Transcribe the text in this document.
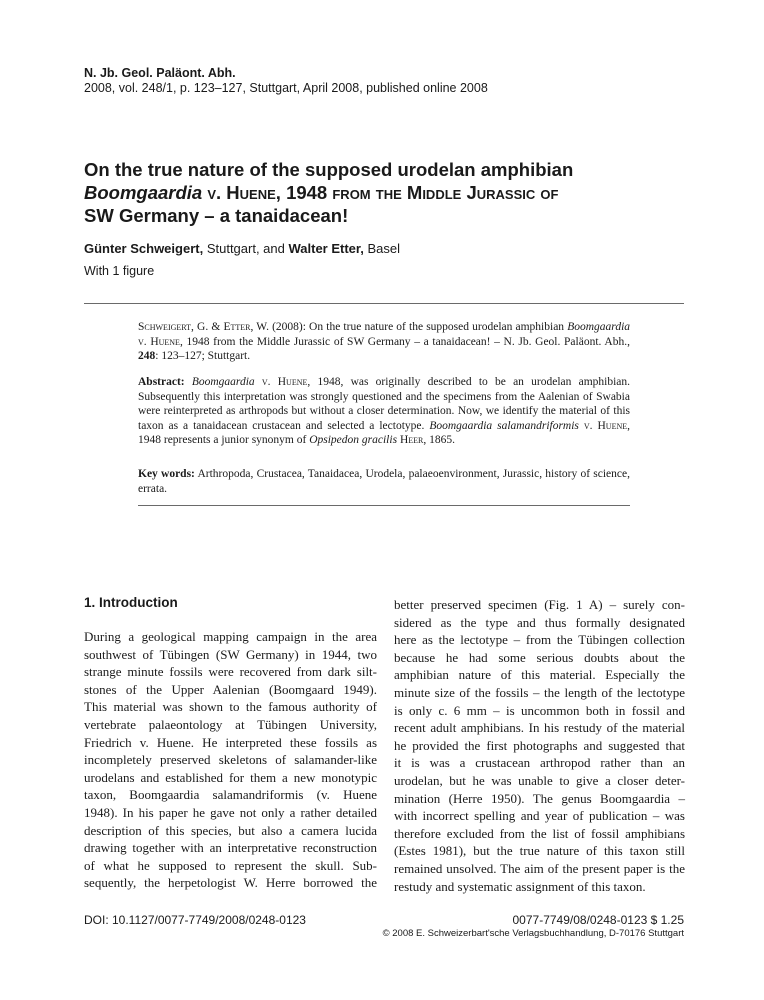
N. Jb. Geol. Paläont. Abh.
2008, vol. 248/1, p. 123–127, Stuttgart, April 2008, published online 2008
On the true nature of the supposed urodelan amphibian
Boomgaardia v. Huene, 1948 from the Middle Jurassic of
SW Germany – a tanaidacean!
Günter Schweigert, Stuttgart, and Walter Etter, Basel
With 1 figure
Schweigert, G. & Etter, W. (2008): On the true nature of the supposed urodelan amphibian Boomgaardia v. Huene, 1948 from the Middle Jurassic of SW Germany – a tanaidacean! – N. Jb. Geol. Paläont. Abh., 248: 123–127; Stuttgart.
Abstract: Boomgaardia v. Huene, 1948, was originally described to be an urodelan amphibian. Subsequently this interpretation was strongly questioned and the specimens from the Aalenian of Swabia were reinterpreted as arthropods but without a closer determination. Now, we identify the material of this taxon as a tanaidacean crustacean and selected a lectotype. Boomgaardia salamandriformis v. Huene, 1948 represents a junior synonym of Opsipedon gracilis Heer, 1865.
Key words: Arthropoda, Crustacea, Tanaidacea, Urodela, palaeoenvironment, Jurassic, history of science, errata.
1. Introduction
During a geological mapping campaign in the area
southwest of Tübingen (SW Germany) in 1944, two
strange minute fossils were recovered from dark silt-
stones of the Upper Aalenian (Boomgaard 1949).
This material was shown to the famous authority of
vertebrate palaeontology at Tübingen University,
Friedrich v. Huene. He interpreted these fossils as
incompletely preserved skeletons of salamander-like
urodelans and established for them a new monotypic
taxon, Boomgaardia salamandriformis (v. Huene
1948). In his paper he gave not only a rather detailed
description of this species, but also a camera lucida
drawing together with an interpretative reconstruction
of what he supposed to represent the skull. Sub-
sequently, the herpetologist W. Herre borrowed the
better preserved specimen (Fig. 1 A) – surely con-
sidered as the type and thus formally designated
here as the lectotype – from the Tübingen collection
because he had some serious doubts about the
amphibian nature of this material. Especially the
minute size of the fossils – the length of the lectotype
is only c. 6 mm – is uncommon both in fossil and
recent adult amphibians. In his restudy of the material
he provided the first photographs and suggested that
it is was a crustacean arthropod rather than an
urodelan, but he was unable to give a closer deter-
mination (Herre 1950). The genus Boomgaardia –
with incorrect spelling and year of publication – was
therefore excluded from the list of fossil amphibians
(Estes 1981), but the true nature of this taxon still
remained unsolved. The aim of the present paper is the
restudy and systematic assignment of this taxon.
DOI: 10.1127/0077-7749/2008/0248-0123	0077-7749/08/0248-0123 $ 1.25
© 2008 E. Schweizerbart'sche Verlagsbuchhandlung, D-70176 Stuttgart
